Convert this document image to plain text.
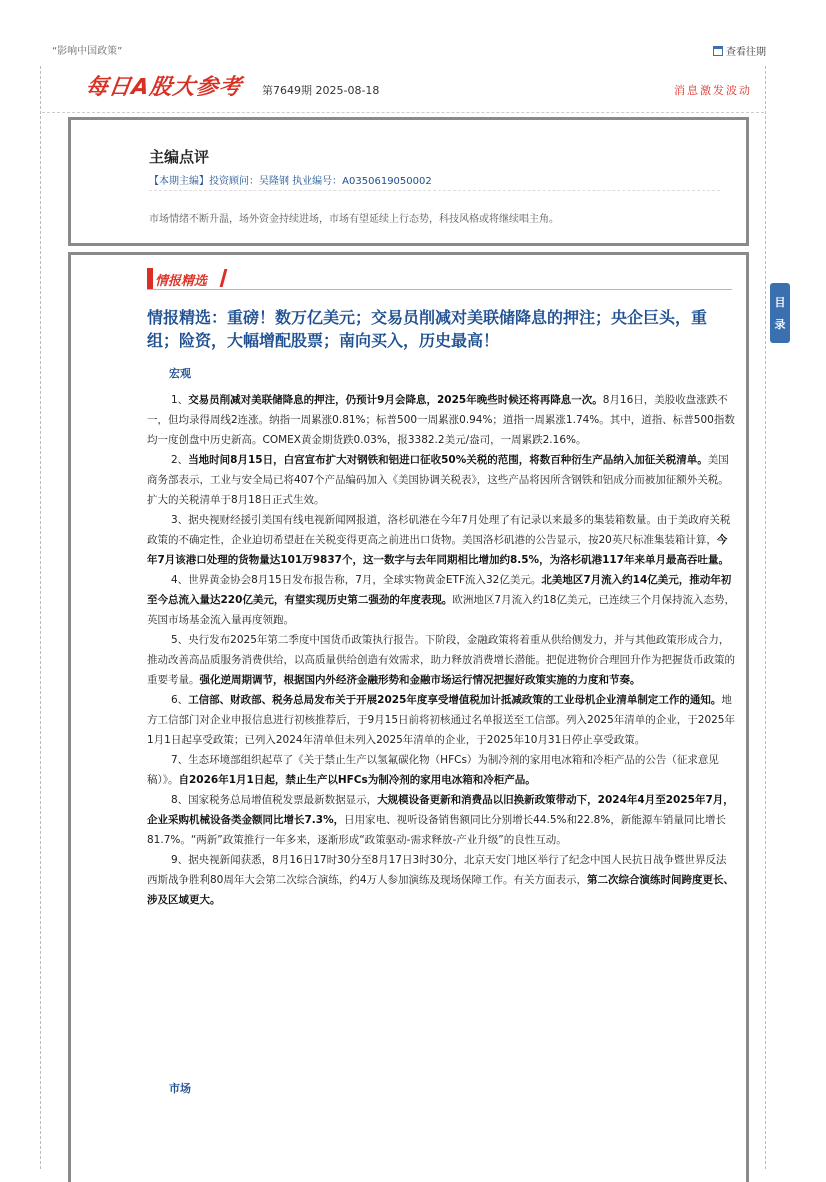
“影响中国政策”	查看往期
每日A股大参考 第7649期 2025-08-18	消息激发波动
主编点评
【本期主编】投资顾问：吴隆钢 执业编号：A0350619050002
市场情绪不断升温，场外资金持续进场，市场有望延续上行态势，科技风格或将继续唱主角。
情报精选
情报精选：重磅！数万亿美元；交易员削减对美联储降息的押注；央企巨头，重组；险资，大幅增配股票；南向买入，历史最高！
宏观

1、交易员削减对美联储降息的押注，仍预计9月会降息，2025年晚些时候还将再降息一次。8月16日，美股收盘涨跌不一，但均录得周线2连涨。纳指一周累涨0.81%；标普500一周累涨0.94%；道指一周累涨1.74%。其中，道指、标普500指数均一度创盘中历史新高。COMEX黄金期货跌0.03%，报3382.2美元/盎司，一周累跌2.16%。

2、当地时间8月15日，白宫宣布扩大对钢铁和铝进口征收50%关税的范围，将数百种衍生产品纳入加征关税清单。美国商务部表示，工业与安全局已将407个产品编码加入《美国协调关税表》，这些产品将因所含钢铁和铝成分而被加征额外关税。扩大的关税清单于8月18日正式生效。

3、据央视财经援引美国有线电视新闻网报道，洛杉矶港在今年7月处理了有记录以来最多的集装箱数量。由于美政府关税政策的不确定性，企业迫切希望赶在关税变得更高之前进出口货物。美国洛杉矶港的公告显示，按20英尺标准集装箱计算，今年7月该港口处理的货物量达101万9837个，这一数字与去年同期相比增加约8.5%，为洛杉矶港117年来单月最高吞吐量。

4、世界黄金协会8月15日发布报告称，7月，全球实物黄金ETF流入32亿美元。北美地区7月流入约14亿美元，推动年初至今总流入量达220亿美元，有望实现历史第二强劲的年度表现。欧洲地区7月流入约18亿美元，已连续三个月保持流入态势，英国市场基金流入量再度领跑。

5、央行发布2025年第二季度中国货币政策执行报告。下阶段，金融政策将着重从供给侧发力，并与其他政策形成合力，推动改善高品质服务消费供给，以高质量供给创造有效需求，助力释放消费增长潜能。把促进物价合理回升作为把握货币政策的重要考量。强化逆周期调节，根据国内外经济金融形势和金融市场运行情况把握好政策实施的力度和节奏。

6、工信部、财政部、税务总局发布关于开展2025年度享受增值税加计抵减政策的工业母机企业清单制定工作的通知。地方工信部门对企业申报信息进行初核推荐后，于9月15日前将初核通过名单报送至工信部。列入2025年清单的企业，于2025年1月1日起享受政策；已列入2024年清单但未列入2025年清单的企业，于2025年10月31日停止享受政策。

7、生态环境部组织起草了《关于禁止生产以氢氟碳化物（HFCs）为制冷剂的家用电冰箱和冷柜产品的公告（征求意见稿）》。自2026年1月1日起，禁止生产以HFCs为制冷剂的家用电冰箱和冷柜产品。

8、国家税务总局增值税发票最新数据显示，大规模设备更新和消费品以旧换新政策带动下，2024年4月至2025年7月，企业采购机械设备类金额同比增长7.3%，日用家电、视听设备销售额同比分别增长44.5%和22.8%，新能源车销量同比增长81.7%。“两新”政策推行一年多来，逐渐形成“政策驱动-需求释放-产业升级”的良性互动。

9、据央视新闻获悉，8月16日17时30分至8月17日3时30分，北京天安门地区举行了纪念中国人民抗日战争暨世界反法西斯战争胜利80周年大会第二次综合演练，约4万人参加演练及现场保障工作。有关方面表示，第二次综合演练时间跨度更长、涉及区域更大。

市场
目
录
